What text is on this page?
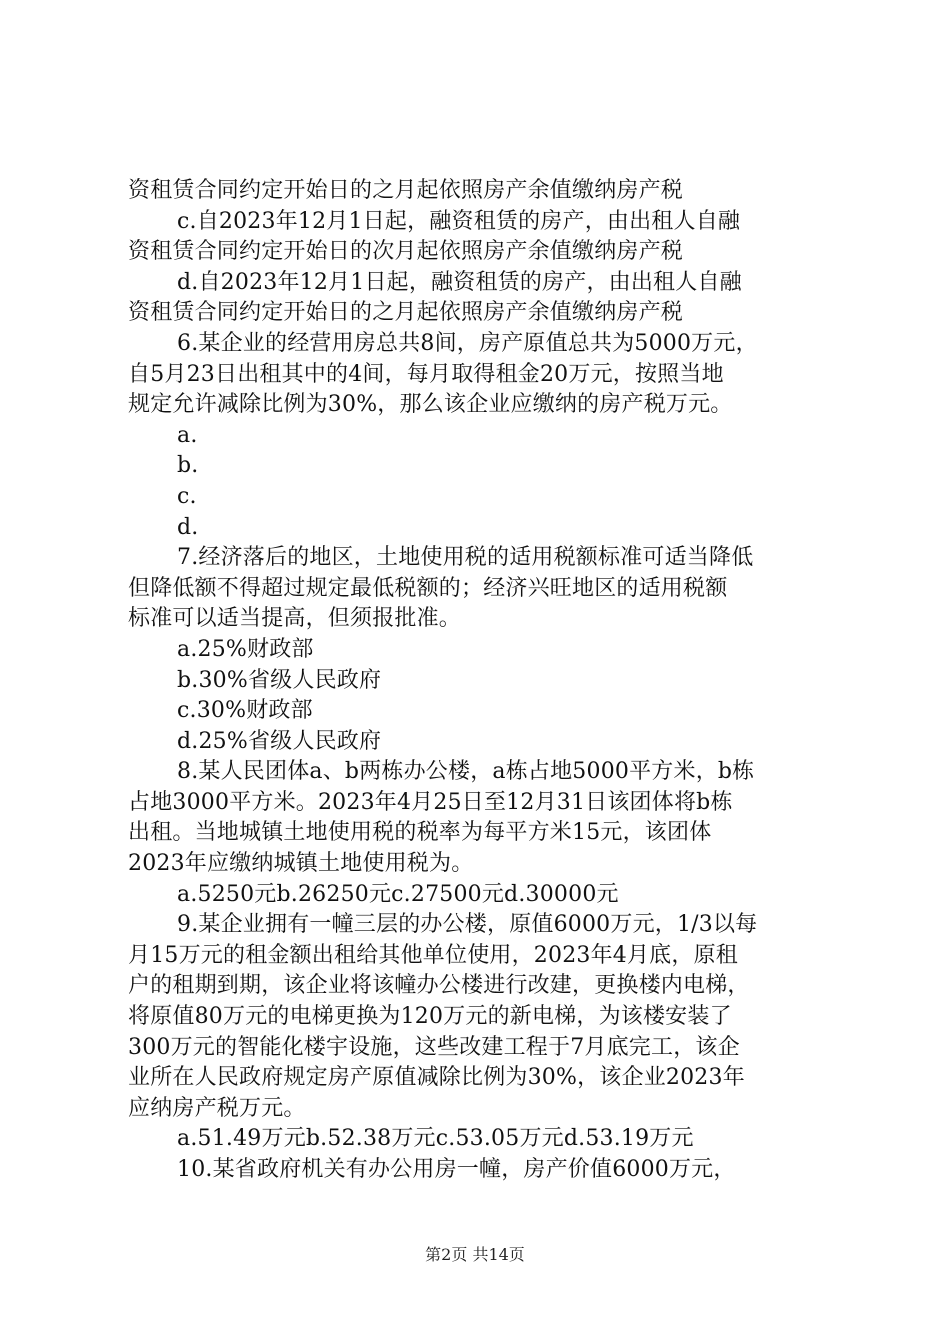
资租赁合同约定开始日的之月起依照房产余值缴纳房产税
c.自2023年12月1日起，融资租赁的房产，由出租人自融
资租赁合同约定开始日的次月起依照房产余值缴纳房产税
d.自2023年12月1日起，融资租赁的房产，由出租人自融
资租赁合同约定开始日的之月起依照房产余值缴纳房产税
6.某企业的经营用房总共8间，房产原值总共为5000万元，
自5月23日出租其中的4间，每月取得租金20万元，按照当地
规定允许减除比例为30%，那么该企业应缴纳的房产税万元。
a.
b.
c.
d.
7.经济落后的地区，土地使用税的适用税额标准可适当降低
但降低额不得超过规定最低税额的；经济兴旺地区的适用税额
标准可以适当提高，但须报批准。
a.25%财政部
b.30%省级人民政府
c.30%财政部
d.25%省级人民政府
8.某人民团体a、b两栋办公楼，a栋占地5000平方米，b栋
占地3000平方米。2023年4月25日至12月31日该团体将b栋
出租。当地城镇土地使用税的税率为每平方米15元，该团体
2023年应缴纳城镇土地使用税为。
a.5250元b.26250元c.27500元d.30000元
9.某企业拥有一幢三层的办公楼，原值6000万元，1/3以每
月15万元的租金额出租给其他单位使用，2023年4月底，原租
户的租期到期，该企业将该幢办公楼进行改建，更换楼内电梯，
将原值80万元的电梯更换为120万元的新电梯，为该楼安装了
300万元的智能化楼宇设施，这些改建工程于7月底完工，该企
业所在人民政府规定房产原值减除比例为30%，该企业2023年
应纳房产税万元。
a.51.49万元b.52.38万元c.53.05万元d.53.19万元
10.某省政府机关有办公用房一幢，房产价值6000万元，
第2页 共14页
